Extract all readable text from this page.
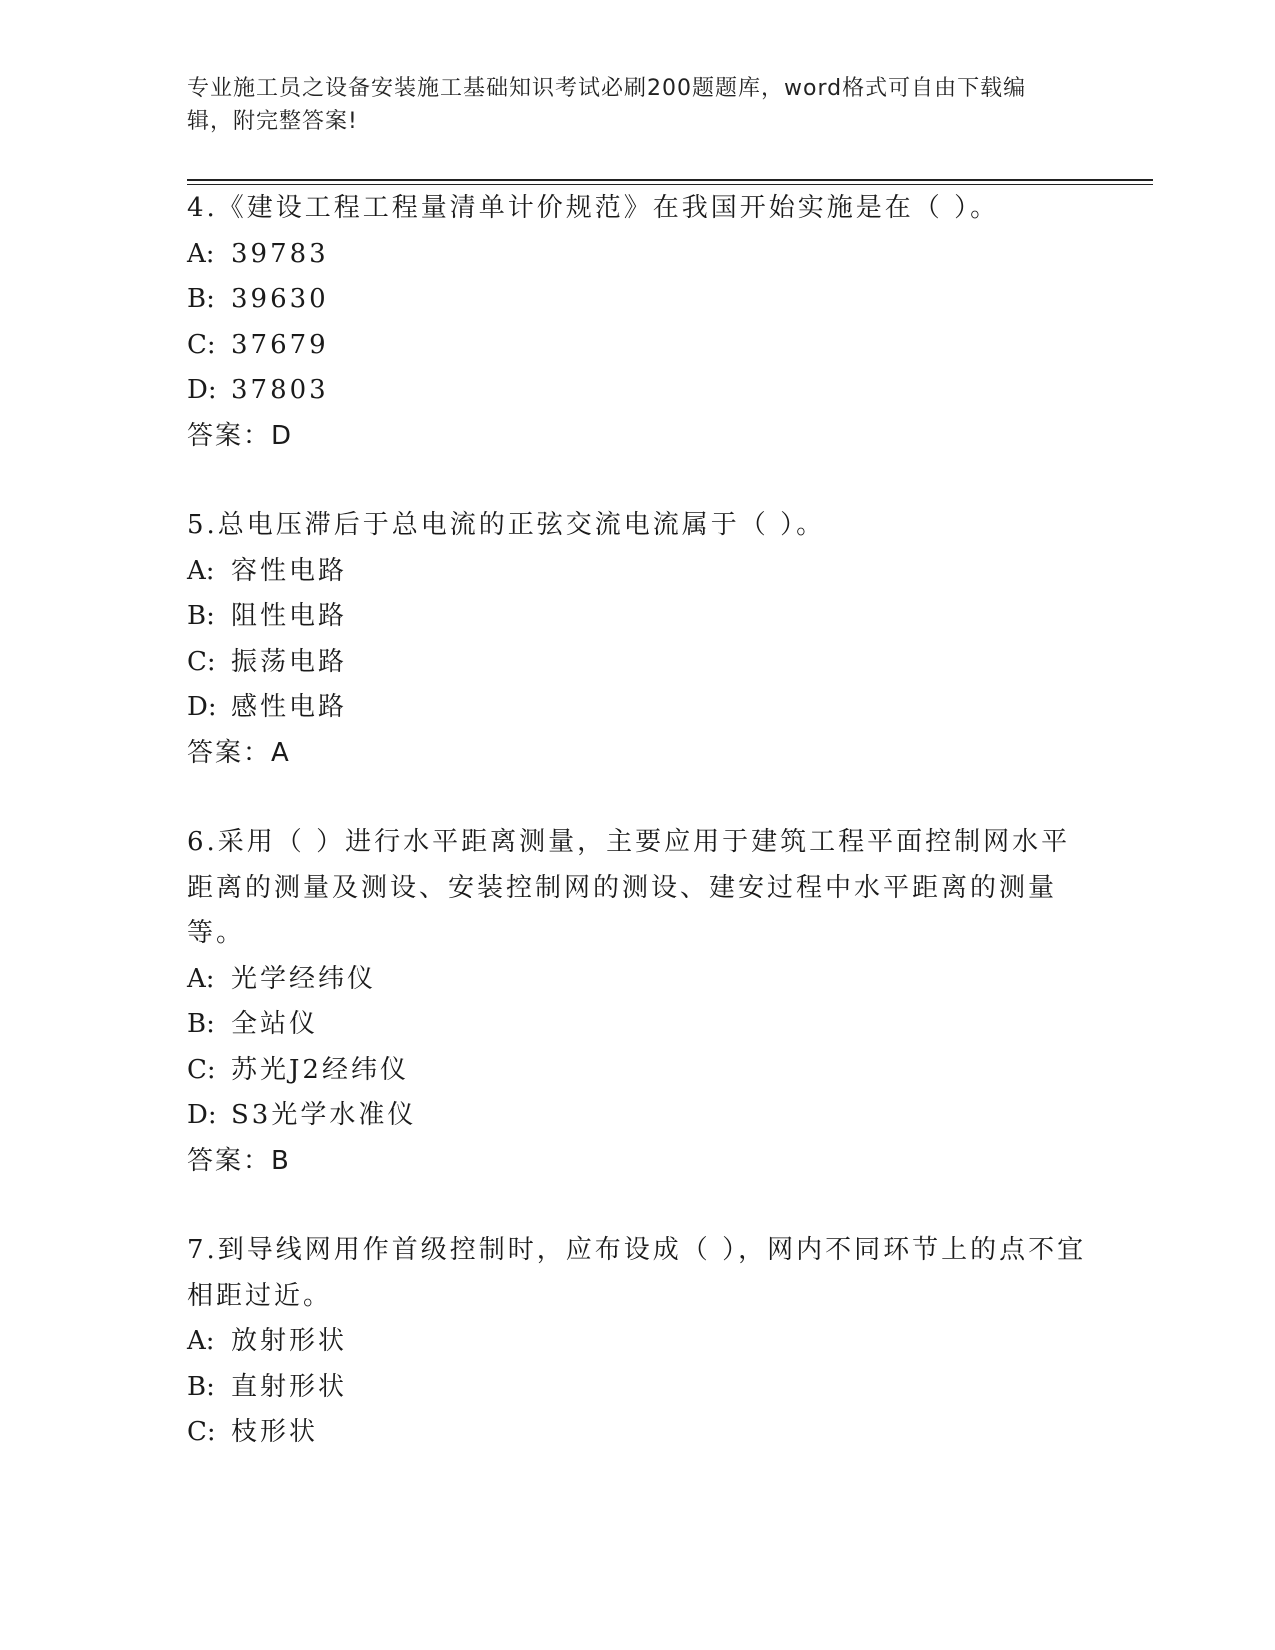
专业施工员之设备安装施工基础知识考试必刷200题题库，word格式可自由下载编辑，附完整答案!

4.《建设工程工程量清单计价规范》在我国开始实施是在（ ）。

A: 39783

B: 39630

C: 37679

D: 37803

答案：D

5.总电压滞后于总电流的正弦交流电流属于（ ）。

A: 容性电路

B: 阻性电路

C: 振荡电路

D: 感性电路

答案：A

6.采用（ ）进行水平距离测量，主要应用于建筑工程平面控制网水平距离的测量及测设、安装控制网的测设、建安过程中水平距离的测量等。

A: 光学经纬仪

B: 全站仪

C: 苏光J2经纬仪

D: S3光学水准仪

答案：B

7.到导线网用作首级控制时，应布设成（ ），网内不同环节上的点不宜相距过近。

A: 放射形状

B: 直射形状

C: 枝形状
